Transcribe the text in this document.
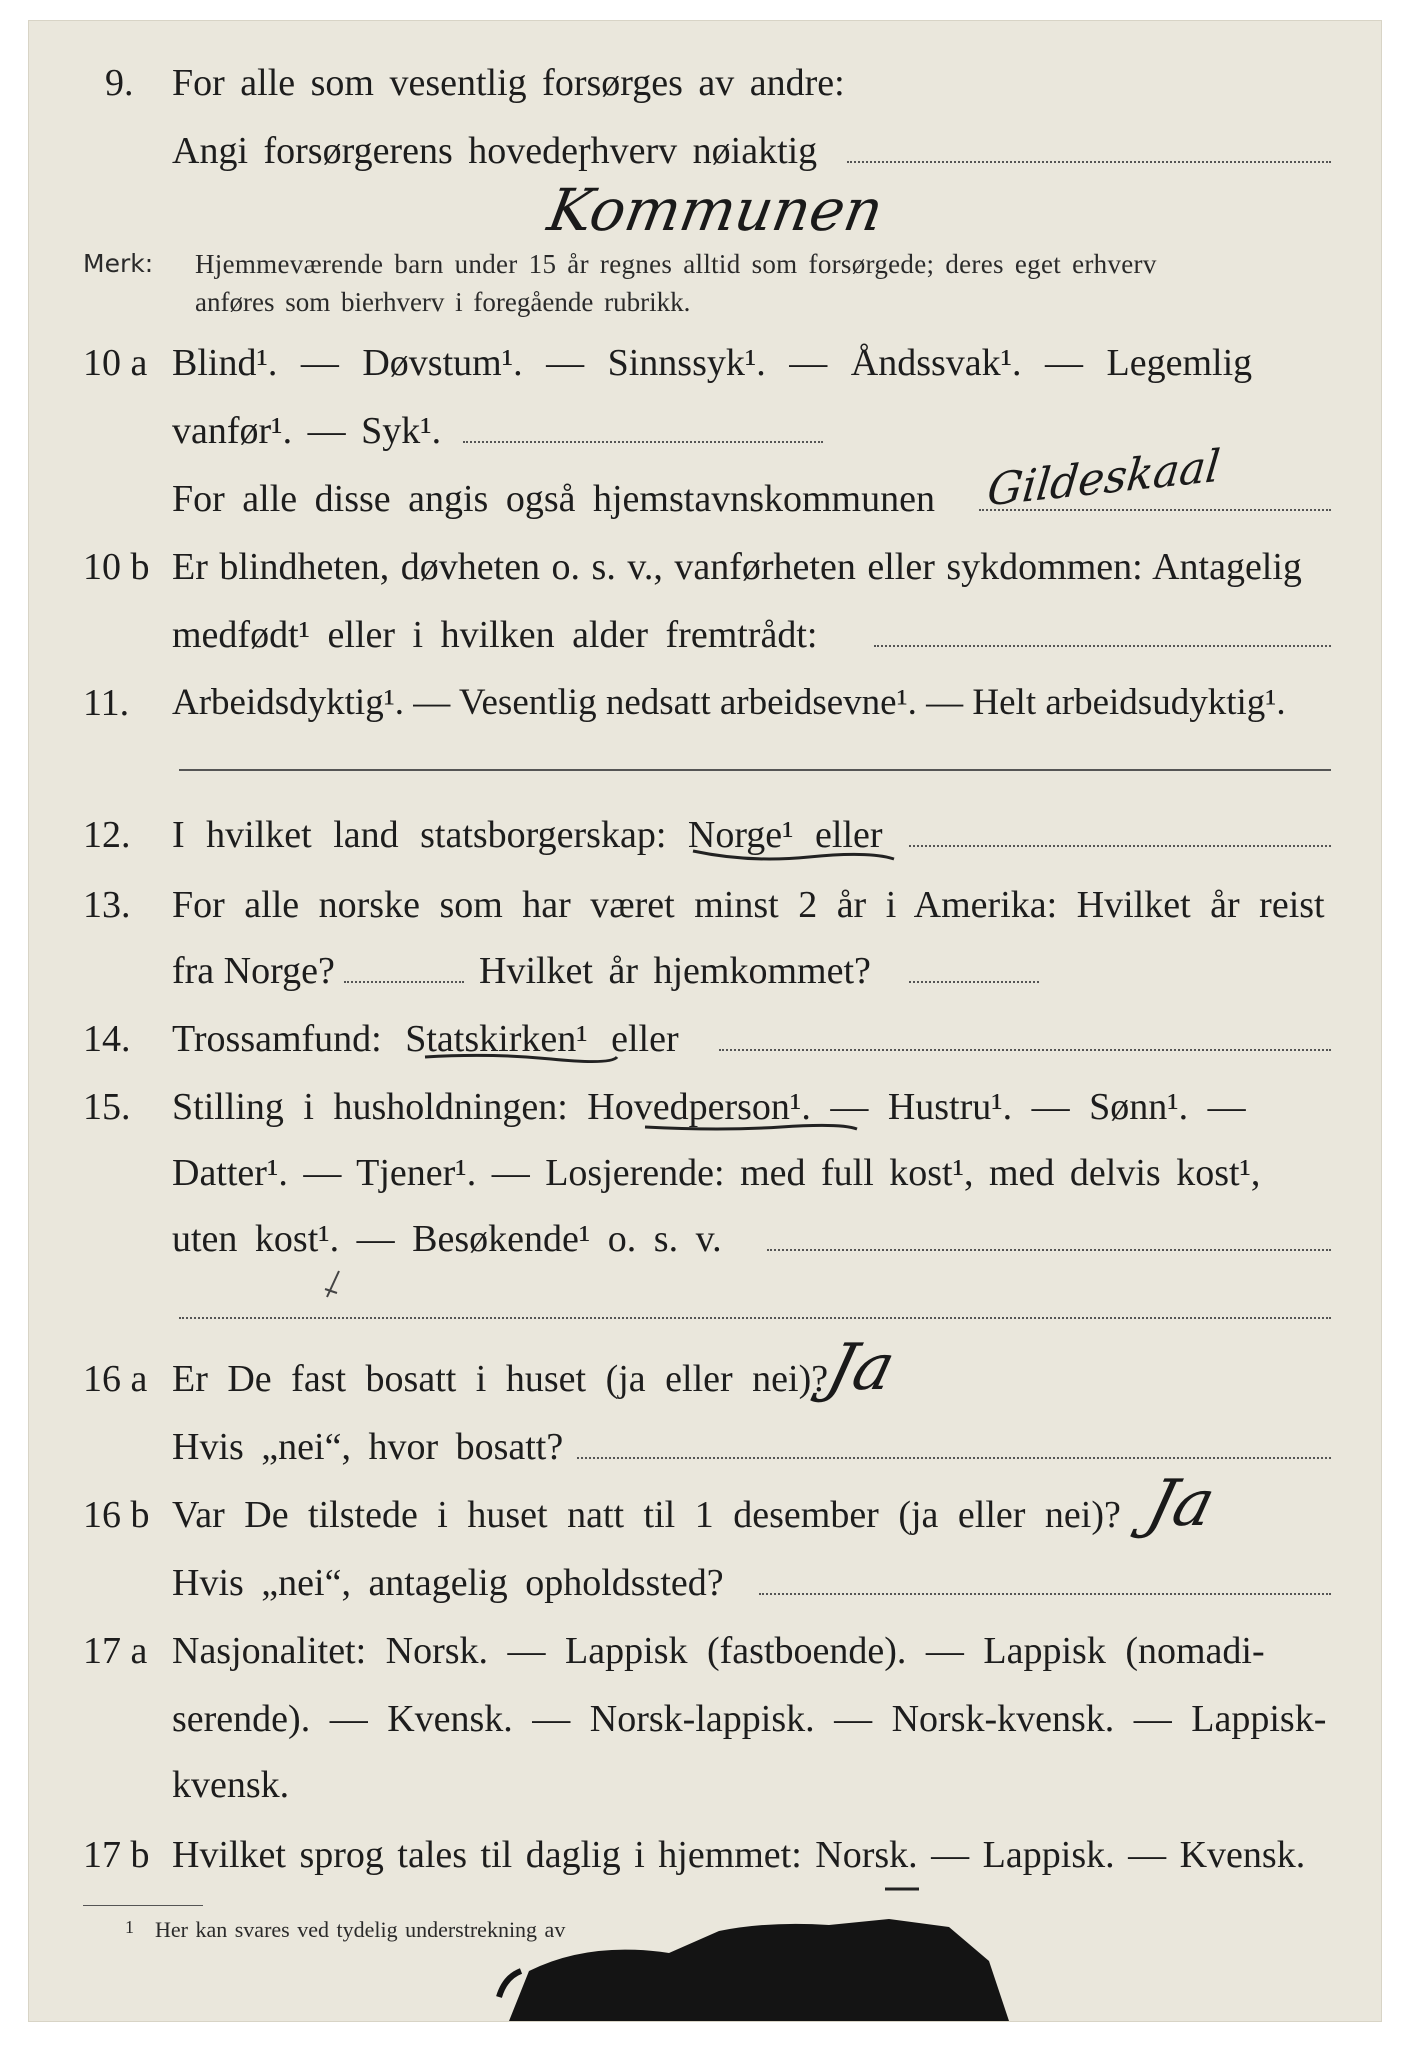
9. For alle som vesentlig forsørges av andre:
Angi forsørgerens hovedeɼhverv nøiaktig
Kommunen
Merk: Hjemmeværende barn under 15 år regnes alltid som forsørgede; deres eget erhverv
anføres som bierhverv i foregående rubrikk.
10 a Blind¹. — Døvstum¹. — Sinnssyk¹. — Åndssvak¹. — Legemlig
vanfør¹. — Syk¹.
For alle disse angis også hjemstavnskommunen Gildeskaal
10 b Er blindheten, døvheten o. s. v., vanførheten eller sykdommen: Antagelig
medfødt¹ eller i hvilken alder fremtrådt:
11. Arbeidsdyktig¹. — Vesentlig nedsatt arbeidsevne¹. — Helt arbeidsudyktig¹.
12. I hvilket land statsborgerskap: Norge¹ eller
13. For alle norske som har været minst 2 år i Amerika: Hvilket år reist
fra Norge?	Hvilket år hjemkommet?
14. Trossamfund: Statskirken¹ eller
15. Stilling i husholdningen: Hovedperson¹. — Hustru¹. — Sønn¹. —
Datter¹. — Tjener¹. — Losjerende: med full kost¹, med delvis kost¹,
uten kost¹. — Besøkende¹ o. s. v.
16 a Er De fast bosatt i huset (ja eller nei)?
Ja
Hvis „nei“, hvor bosatt?
16 b Var De tilstede i huset natt til 1 desember (ja eller nei)? Ja
Hvis „nei“, antagelig opholdssted?
17 a Nasjonalitet: Norsk. — Lappisk (fastboende). — Lappisk (nomadi-
serende). — Kvensk. — Norsk-lappisk. — Norsk-kvensk. — Lappisk-
kvensk.
17 b Hvilket sprog tales til daglig i hjemmet: Norsk. — Lappisk. — Kvensk.
1 Her kan svares ved tydelig understrekning av
